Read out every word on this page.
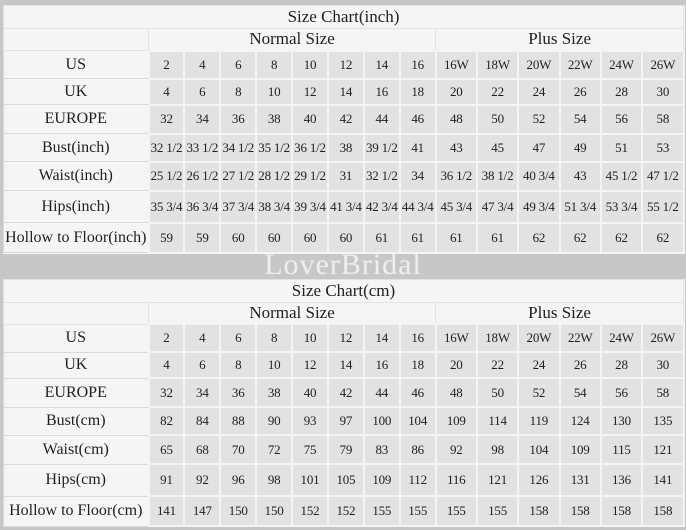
Size Chart(inch)														
	Normal Size								Plus Size					
US	2	4	6	8	10	12	14	16	16W	18W	20W	22W	24W	26W
UK	4	6	8	10	12	14	16	18	20	22	24	26	28	30
EUROPE	32	34	36	38	40	42	44	46	48	50	52	54	56	58
Bust(inch)	32 1/2	33 1/2	34 1/2	35 1/2	36 1/2	38	39 1/2	41	43	45	47	49	51	53
Waist(inch)	25 1/2	26 1/2	27 1/2	28 1/2	29 1/2	31	32 1/2	34	36 1/2	38 1/2	40 3/4	43	45 1/2	47 1/2
Hips(inch)	35 3/4	36 3/4	37 3/4	38 3/4	39 3/4	41 3/4	42 3/4	44 3/4	45 3/4	47 3/4	49 3/4	51 3/4	53 3/4	55 1/2
Hollow to Floor(inch)	59	59	60	60	60	60	61	61	61	61	62	62	62	62
Size Chart(cm)														
	Normal Size								Plus Size					
US	2	4	6	8	10	12	14	16	16W	18W	20W	22W	24W	26W
UK	4	6	8	10	12	14	16	18	20	22	24	26	28	30
EUROPE	32	34	36	38	40	42	44	46	48	50	52	54	56	58
Bust(cm)	82	84	88	90	93	97	100	104	109	114	119	124	130	135
Waist(cm)	65	68	70	72	75	79	83	86	92	98	104	109	115	121
Hips(cm)	91	92	96	98	101	105	109	112	116	121	126	131	136	141
Hollow to Floor(cm)	141	147	150	150	152	152	155	155	155	155	158	158	158	158
LoverBridal
